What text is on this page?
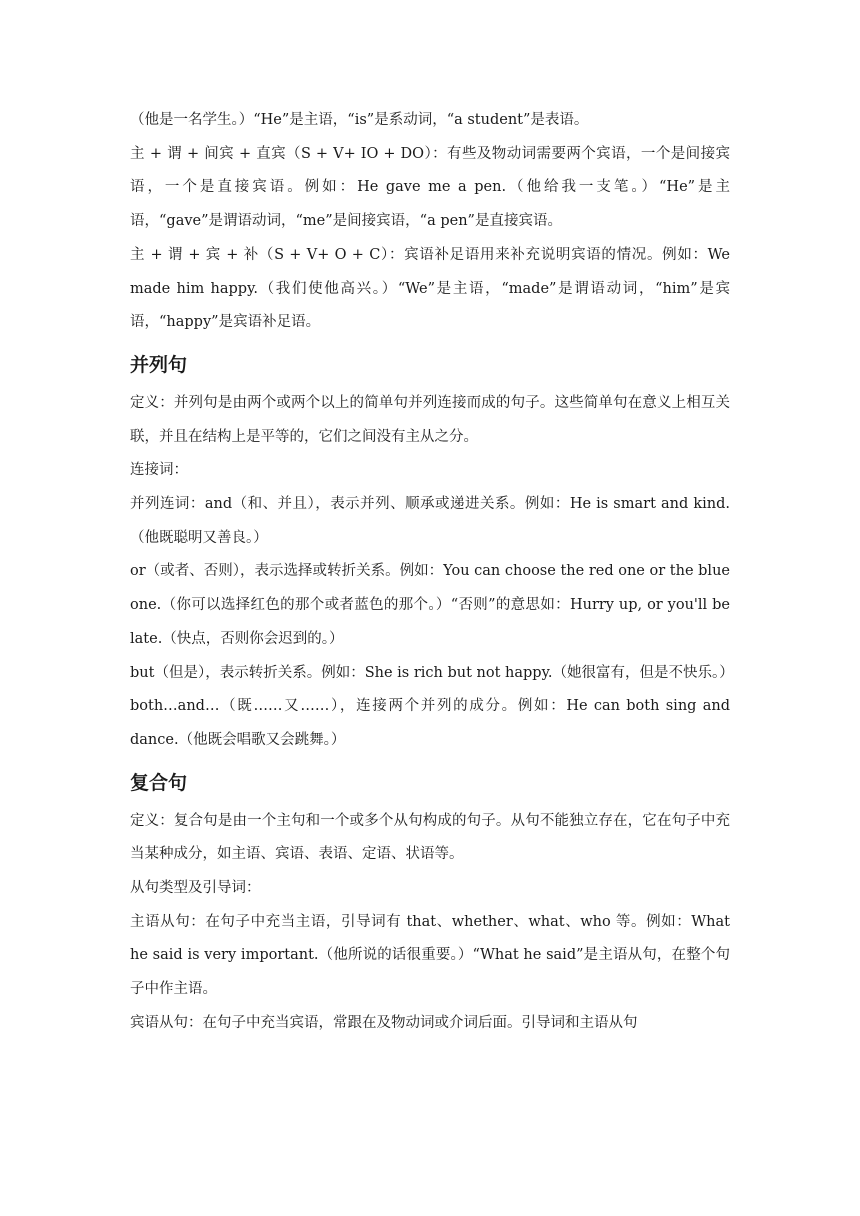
（他是一名学生。）“He”是主语，“is”是系动词，“a student”是表语。

主 + 谓 + 间宾 + 直宾（S + V+ IO + DO）：有些及物动词需要两个宾语，一个是间接宾语，一个是直接宾语。例如：He gave me a pen.（他给我一支笔。）“He”是主语，“gave”是谓语动词，“me”是间接宾语，“a pen”是直接宾语。

主 + 谓 + 宾 + 补（S + V+ O + C）：宾语补足语用来补充说明宾语的情况。例如：We made him happy.（我们使他高兴。）“We”是主语，“made”是谓语动词，“him”是宾语，“happy”是宾语补足语。

并列句

定义：并列句是由两个或两个以上的简单句并列连接而成的句子。这些简单句在意义上相互关联，并且在结构上是平等的，它们之间没有主从之分。

连接词：

并列连词：and（和、并且），表示并列、顺承或递进关系。例如：He is smart and kind.（他既聪明又善良。）

or（或者、否则），表示选择或转折关系。例如：You can choose the red one or the blue one.（你可以选择红色的那个或者蓝色的那个。）“否则”的意思如：Hurry up, or you'll be late.（快点，否则你会迟到的。）

but（但是），表示转折关系。例如：She is rich but not happy.（她很富有，但是不快乐。）

both…and…（既……又……），连接两个并列的成分。例如：He can both sing and dance.（他既会唱歌又会跳舞。）

复合句

定义：复合句是由一个主句和一个或多个从句构成的句子。从句不能独立存在，它在句子中充当某种成分，如主语、宾语、表语、定语、状语等。

从句类型及引导词：

主语从句：在句子中充当主语，引导词有 that、whether、what、who 等。例如：What he said is very important.（他所说的话很重要。）“What he said”是主语从句，在整个句子中作主语。

宾语从句：在句子中充当宾语，常跟在及物动词或介词后面。引导词和主语从句
